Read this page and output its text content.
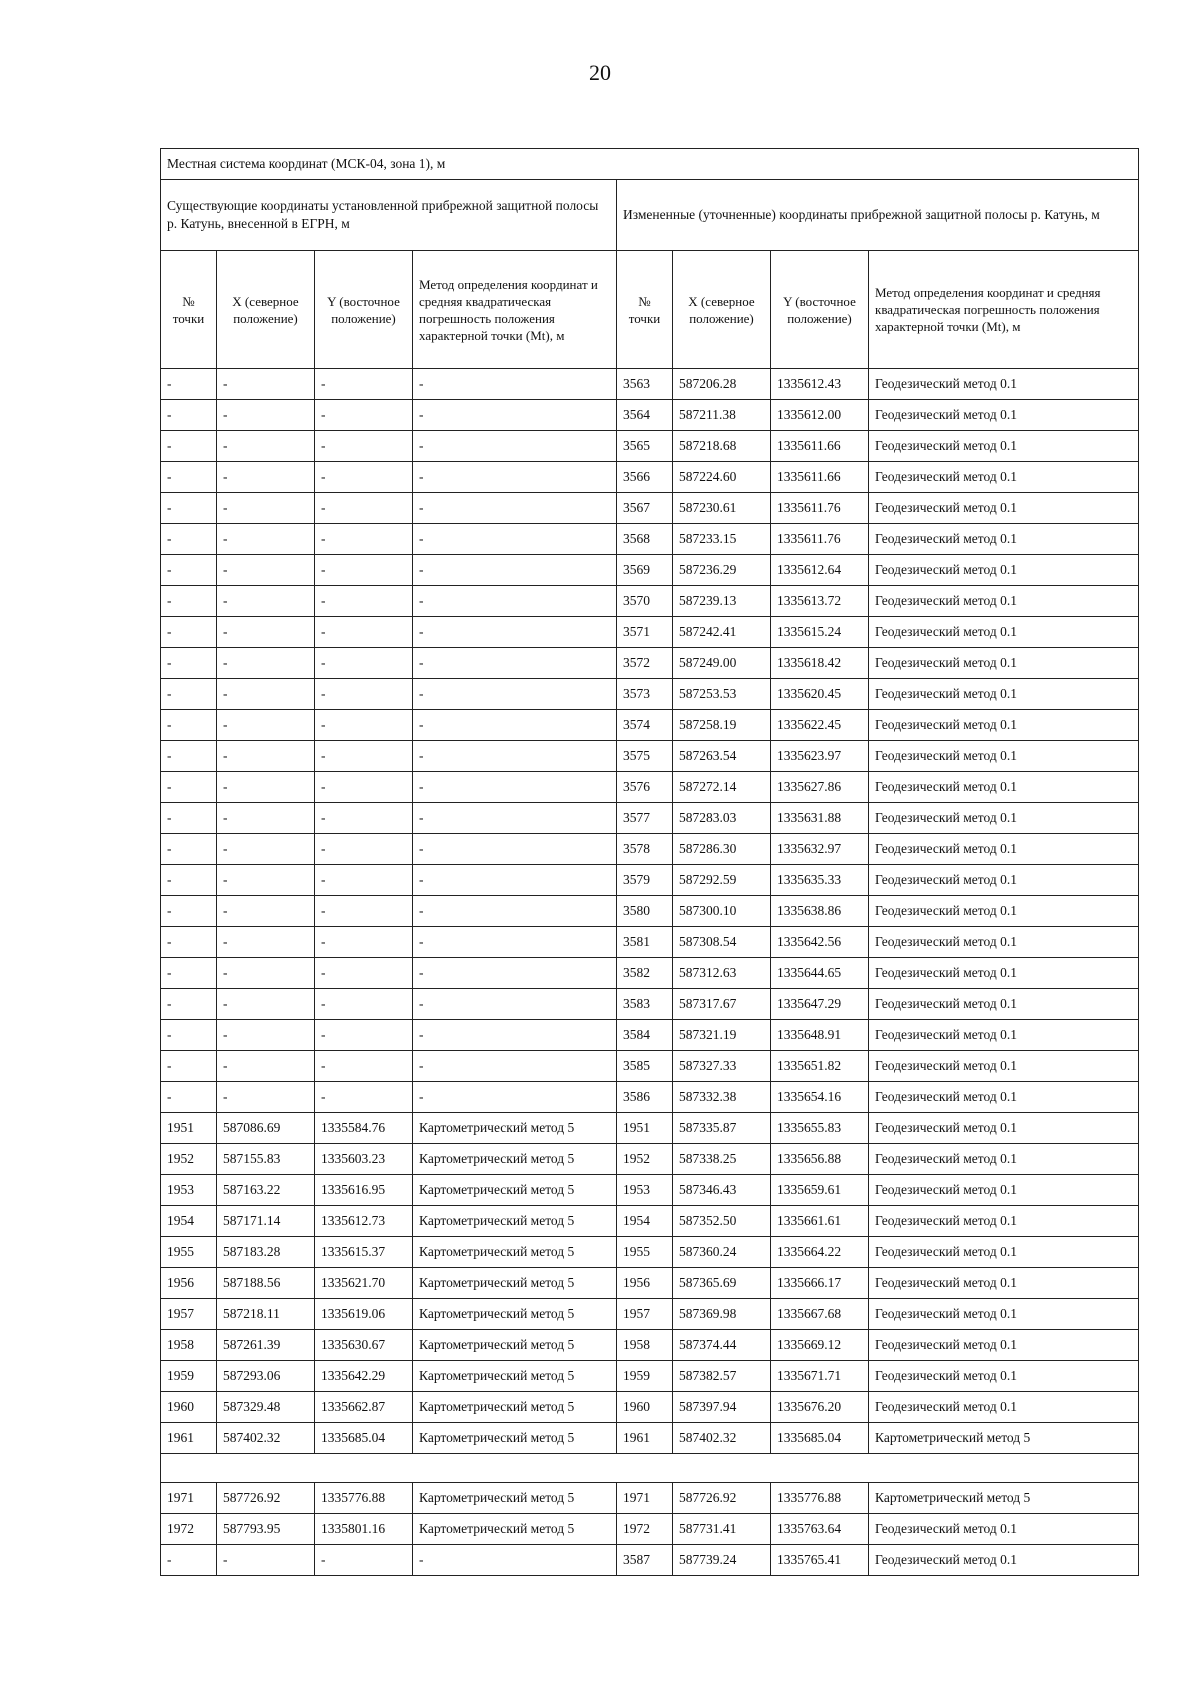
20
Местная система координат (МСК-04, зона 1), м							
Существующие координаты установленной прибрежной защитной полосы р. Катунь, внесенной в ЕГРН, м				Измененные (уточненные) координаты прибрежной защитной полосы р. Катунь, м			
№ точки	X (северное положение)	Y (восточное положение)	Метод определения координат и средняя квадратическая погрешность положения характерной точки (Mt), м	№ точки	X (северное положение)	Y (восточное положение)	Метод определения координат и средняя квадратическая погрешность положения характерной точки (Mt), м
-	-	-	-	3563	587206.28	1335612.43	Геодезический метод 0.1
-	-	-	-	3564	587211.38	1335612.00	Геодезический метод 0.1
-	-	-	-	3565	587218.68	1335611.66	Геодезический метод 0.1
-	-	-	-	3566	587224.60	1335611.66	Геодезический метод 0.1
-	-	-	-	3567	587230.61	1335611.76	Геодезический метод 0.1
-	-	-	-	3568	587233.15	1335611.76	Геодезический метод 0.1
-	-	-	-	3569	587236.29	1335612.64	Геодезический метод 0.1
-	-	-	-	3570	587239.13	1335613.72	Геодезический метод 0.1
-	-	-	-	3571	587242.41	1335615.24	Геодезический метод 0.1
-	-	-	-	3572	587249.00	1335618.42	Геодезический метод 0.1
-	-	-	-	3573	587253.53	1335620.45	Геодезический метод 0.1
-	-	-	-	3574	587258.19	1335622.45	Геодезический метод 0.1
-	-	-	-	3575	587263.54	1335623.97	Геодезический метод 0.1
-	-	-	-	3576	587272.14	1335627.86	Геодезический метод 0.1
-	-	-	-	3577	587283.03	1335631.88	Геодезический метод 0.1
-	-	-	-	3578	587286.30	1335632.97	Геодезический метод 0.1
-	-	-	-	3579	587292.59	1335635.33	Геодезический метод 0.1
-	-	-	-	3580	587300.10	1335638.86	Геодезический метод 0.1
-	-	-	-	3581	587308.54	1335642.56	Геодезический метод 0.1
-	-	-	-	3582	587312.63	1335644.65	Геодезический метод 0.1
-	-	-	-	3583	587317.67	1335647.29	Геодезический метод 0.1
-	-	-	-	3584	587321.19	1335648.91	Геодезический метод 0.1
-	-	-	-	3585	587327.33	1335651.82	Геодезический метод 0.1
-	-	-	-	3586	587332.38	1335654.16	Геодезический метод 0.1
1951	587086.69	1335584.76	Картометрический метод 5	1951	587335.87	1335655.83	Геодезический метод 0.1
1952	587155.83	1335603.23	Картометрический метод 5	1952	587338.25	1335656.88	Геодезический метод 0.1
1953	587163.22	1335616.95	Картометрический метод 5	1953	587346.43	1335659.61	Геодезический метод 0.1
1954	587171.14	1335612.73	Картометрический метод 5	1954	587352.50	1335661.61	Геодезический метод 0.1
1955	587183.28	1335615.37	Картометрический метод 5	1955	587360.24	1335664.22	Геодезический метод 0.1
1956	587188.56	1335621.70	Картометрический метод 5	1956	587365.69	1335666.17	Геодезический метод 0.1
1957	587218.11	1335619.06	Картометрический метод 5	1957	587369.98	1335667.68	Геодезический метод 0.1
1958	587261.39	1335630.67	Картометрический метод 5	1958	587374.44	1335669.12	Геодезический метод 0.1
1959	587293.06	1335642.29	Картометрический метод 5	1959	587382.57	1335671.71	Геодезический метод 0.1
1960	587329.48	1335662.87	Картометрический метод 5	1960	587397.94	1335676.20	Геодезический метод 0.1
1961	587402.32	1335685.04	Картометрический метод 5	1961	587402.32	1335685.04	Картометрический метод 5

1971	587726.92	1335776.88	Картометрический метод 5	1971	587726.92	1335776.88	Картометрический метод 5
1972	587793.95	1335801.16	Картометрический метод 5	1972	587731.41	1335763.64	Геодезический метод 0.1
-	-	-	-	3587	587739.24	1335765.41	Геодезический метод 0.1
